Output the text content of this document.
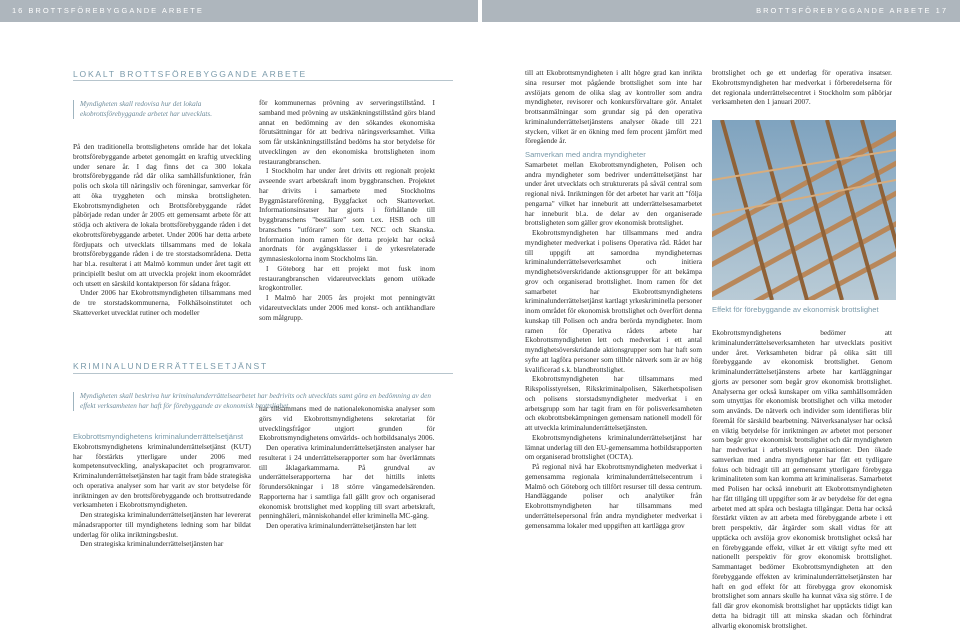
16 BROTTSFÖREBYGGANDE ARBETE	BROTTSFÖREBYGGANDE ARBETE 17
LOKALT BROTTSFÖREBYGGANDE ARBETE
Myndigheten skall redovisa hur det lokala ekobrottsförebyggande arbetet har utvecklats.

På den traditionella brottslighetens område har det lokala brottsförebyggande arbetet genomgått en kraftig utveckling under senare år. I dag finns det ca 300 lokala brottsförebyggande råd där olika samhällsfunktioner, från polis och skola till näringsliv och föreningar, samverkar för att öka tryggheten och minska brottsligheten. Ekobrottsmyndigheten och Brottsförebyggande rådet påbörjade redan under år 2005 ett gemensamt arbete för att stödja och aktivera de lokala brottsförebyggande råden i det ekobrottsförebyggande arbetet. Under 2006 har detta arbete fördjupats och utvecklats tillsammans med de lokala brottsförebyggande råden i de tre storstadsområdena. Detta har bl.a. resulterat i att Malmö kommun under året tagit ett principiellt beslut om att utveckla projekt inom ekoområdet och utsett en särskild kontaktperson för sådana frågor.

Under 2006 har Ekobrottsmyndigheten tillsammans med de tre storstadskommunerna, Folkhälsoinstitutet och Skatteverket utvecklat rutiner och modeller

för kommunernas prövning av serveringstillstånd. I samband med prövning av utskänkningstillstånd görs bland annat en bedömning av den sökandes ekonomiska förutsättningar för att bedriva näringsverksamhet. Vilka som får utskänkningstillstånd bedöms ha stor betydelse för utvecklingen av den ekonomiska brottsligheten inom restaurangbranschen.

I Stockholm har under året drivits ett regionalt projekt avseende svart arbetskraft inom byggbranschen. Projektet har drivits i samarbete med Stockholms Byggmästareförening, Byggfacket och Skatteverket. Informationsinsatser har gjorts i förhållande till byggbranschens "beställare" som t.ex. HSB och till branschens "utförare" som t.ex. NCC och Skanska. Information inom ramen för detta projekt har också anordnats för avgångsklasser i de yrkesrelaterade gymnasieskolorna inom Stockholms län.

I Göteborg har ett projekt mot fusk inom restaurangbranschen vidareutvecklats genom utökade krogkontroller.

I Malmö har 2005 års projekt mot penningtvätt vidareutvecklats under 2006 med konst- och antikhandlare som målgrupp.

KRIMINALUNDERRÄTTELSETJÄNST
Myndigheten skall beskriva hur kriminalunderrättelsearbetet har bedrivits och utvecklats samt göra en bedömning av den effekt verksamheten har haft för förebyggande av ekonomisk brottslighet.
Ekobrottsmyndighetens kriminalunderrättelsetjänst

Ekobrottsmyndighetens kriminalunderrättelsetjänst (KUT) har förstärkts ytterligare under 2006 med kompetensutveckling, analyskapacitet och programvaror. Kriminalunderrättelsetjänsten har tagit fram både strategiska och operativa analyser som har varit av stor betydelse för inriktningen av den brottsförebyggande och brottsutredande verksamheten i Ekobrottsmyndigheten.

Den strategiska kriminalunderrättelsetjänsten har levererat månadsrapporter till myndighetens ledning som har bildat underlag för olika inriktningsbeslut.

Den strategiska kriminalunderrättelsetjänsten har

har tillsammans med de nationalekonomiska analyser som görs vid Ekobrottsmyndighetens sekretariat för utvecklingsfrågor utgjort grunden för Ekobrottsmyndighetens omvärlds- och hotbildsanalys 2006.

Den operativa kriminalunderrättelsetjänsten analyser har resulterat i 24 underrättelserapporter som har överlämnats till åklagarkammarna. På grundval av underrättelserapporterna har det hittills inletts förundersökningar i 18 större vängamedelsärenden. Rapporterna har i samtliga fall gällt grov och organiserad ekonomisk brottslighet med koppling till svart arbetskraft, penninghäleri, människohandel eller kriminella MC-gäng.

Den operativa kriminalunderrättelsetjänsten har lett

till att Ekobrottsmyndigheten i allt högre grad kan inrikta sina resurser mot pågående brottslighet som inte har avslöjats genom de olika slag av kontroller som andra myndigheter, revisorer och konkursförvaltare gör. Antalet brottsanmälningar som grundar sig på den operativa kriminalunderrättelsetjänstens analyser ökade till 221 stycken, vilket är en ökning med fem procent jämfört med föregående år.

Samverkan med andra myndigheter

Samarbetet mellan Ekobrottsmyndigheten, Polisen och andra myndigheter som bedriver underrättelsetjänst har under året utvecklats och strukturerats på såväl central som regional nivå. Inriktningen för det arbetet har varit att "följa pengarna" vilket har inneburit att underrättelsesamarbetet har inneburit bl.a. de delar av den organiserade brottsligheten som gäller grov ekonomisk brottslighet.

Ekobrottsmyndigheten har tillsammans med andra myndigheter medverkat i polisens Operativa råd. Rådet har till uppgift att samordna myndigheternas kriminalunderrättelseverksamhet och initiera myndighetsöverskridande aktionsgrupper för att bekämpa grov och organiserad brottslighet. Inom ramen för det samarbetet har Ekobrottsmyndighetens kriminalunderrättelsetjänst kartlagt yrkeskriminella personer inom området för ekonomisk brottslighet och överfört denna kunskap till Polisen och andra berörda myndigheter. Inom ramen för Operativa rådets arbete har Ekobrottsmyndigheten lett och medverkat i ett antal myndighetsöverskridande aktionsgrupper som har haft som syfte att lagföra personer som tillhör nätverk som är av hög kvalificerad s.k. blandbrottslighet.

Ekobrottsmyndigheten har tillsammans med Rikspolisstyrelsen, Rikskriminalpolisen, Säkerhetspolisen och polisens storstadsmyndigheter medverkat i en arbetsgrupp som har tagit fram en för polisverksamheten och ekobrottsbekämpningen gemensam nationell modell för att utveckla kriminalunderrättelsetjänsten.

Ekobrottsmyndighetens kriminalunderrättelsetjänst har lämnat underlag till den EU-gemensamma hotbildsrapporten om organiserad brottslighet (OCTA).

På regional nivå har Ekobrottsmyndigheten medverkat i gemensamma regionala kriminalunderrättelsecentrum i Malmö och Göteborg och tillfört resurser till dessa centrum. Handläggande poliser och analytiker från Ekobrottsmyndigheten har tillsammans med underrättelsepersonal från andra myndigheter medverkat i gemensamma lokaler med uppgiften att kartlägga grov

brottslighet och ge ett underlag för operativa insatser. Ekobrottsmyndigheten har medverkat i förberedelserna för det regionala underrättelsecentret i Stockholm som påbörjar verksamheten den 1 januari 2007.

Effekt för förebyggande av ekonomisk brottslighet

Ekobrottsmyndighetens bedömer att kriminalunderrättelseverksamheten har utvecklats positivt under året. Verksamheten bidrar på olika sätt till förebyggande av ekonomisk brottslighet. Genom kriminalunderrättelsetjänstens arbete har kartläggningar gjorts av personer som begår grov ekonomisk brottslighet. Analyserna ger också kunskaper om vilka samhällsområden som utnyttjas för ekonomisk brottslighet och vilka metoder som används. De nätverk och individer som identifieras blir föremål för särskild bearbetning. Nätverksanalyser har också en viktig betydelse för inriktningen av arbetet mot personer som begår grov ekonomisk brottslighet och där myndigheten har medverkat i arbetslivets organisationer. Den ökade samverkan med andra myndigheter har fått ett tydligare fokus och bidragit till att gemensamt ytterligare förebygga kriminaliteten som kan komma att kriminaliseras. Samarbetet med Polisen har också inneburit att Ekobrottsmyndigheten har fått tillgång till uppgifter som är av betydelse för det egna arbetet med att spåra och beslagta tillgångar. Detta har också förstärkt vikten av att arbeta med förebyggande arbete i ett brett perspektiv, där åtgärder som skall vidtas för att upptäcka och avslöja grov ekonomisk brottslighet också har en förebyggande effekt, vilket är ett viktigt syfte med ett nationellt perspektiv för grov ekonomisk brottslighet. Sammantaget bedömer Ekobrottsmyndigheten att den förebyggande effekten av kriminalunderrättelsetjänsten har haft en god effekt för att förebygga grov ekonomisk brottslighet som annars skulle ha kunnat växa sig större. I de fall där grov ekonomisk brottslighet har upptäckts tidigt kan detta ha bidragit till att minska skadan och förhindrat allvarlig ekonomisk brottslighet.
